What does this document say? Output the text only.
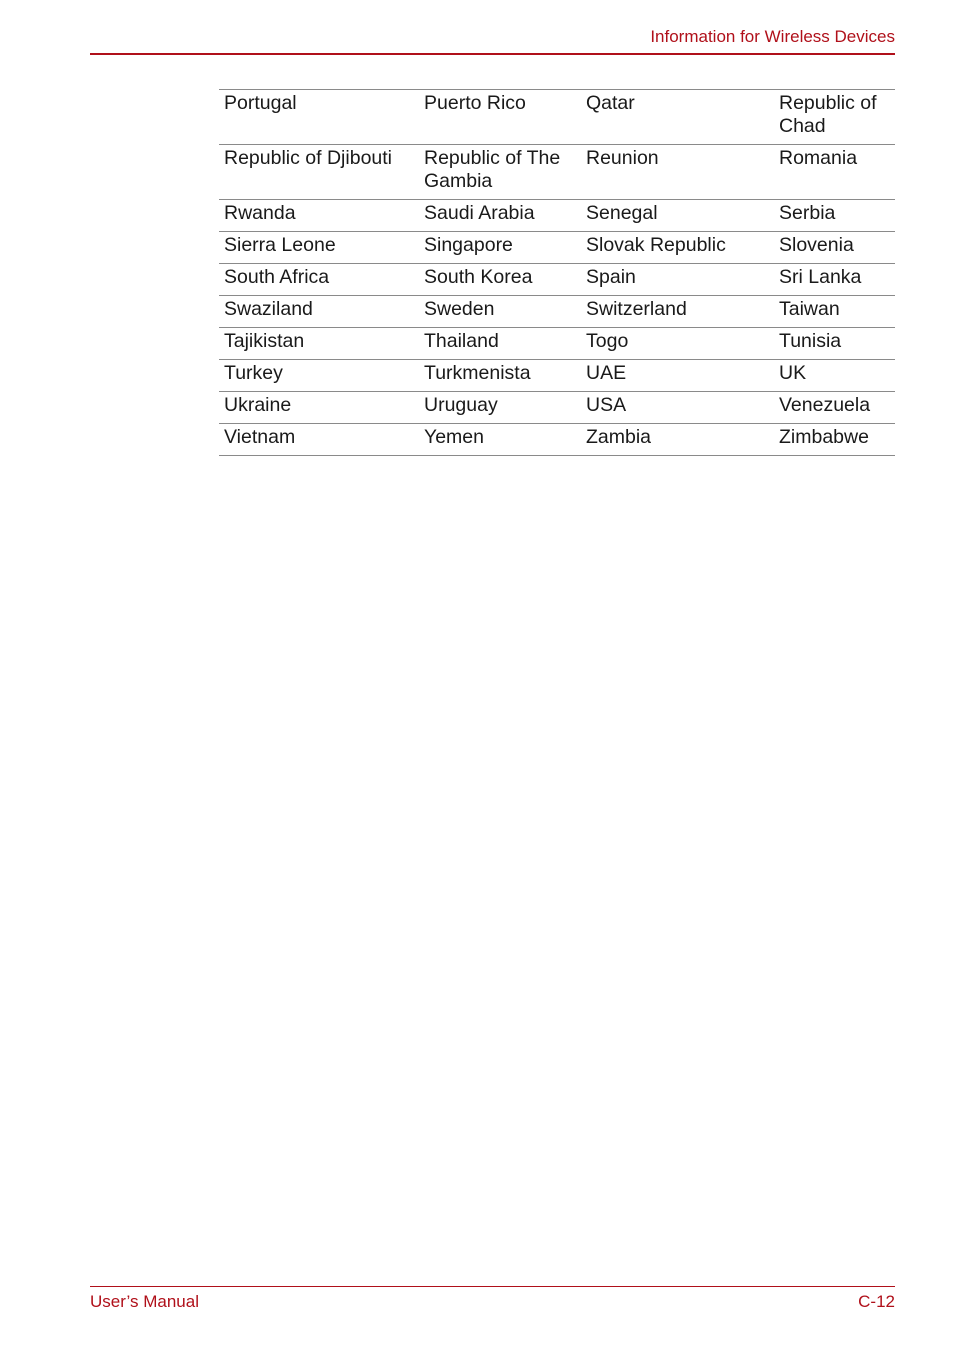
Information for Wireless Devices
Portugal	Puerto Rico	Qatar	Republic of Chad
Republic of Djibouti	Republic of The Gambia	Reunion	Romania
Rwanda	Saudi Arabia	Senegal	Serbia
Sierra Leone	Singapore	Slovak Republic	Slovenia
South Africa	South Korea	Spain	Sri Lanka
Swaziland	Sweden	Switzerland	Taiwan
Tajikistan	Thailand	Togo	Tunisia
Turkey	Turkmenista	UAE	UK
Ukraine	Uruguay	USA	Venezuela
Vietnam	Yemen	Zambia	Zimbabwe
User’s Manual	C-12
